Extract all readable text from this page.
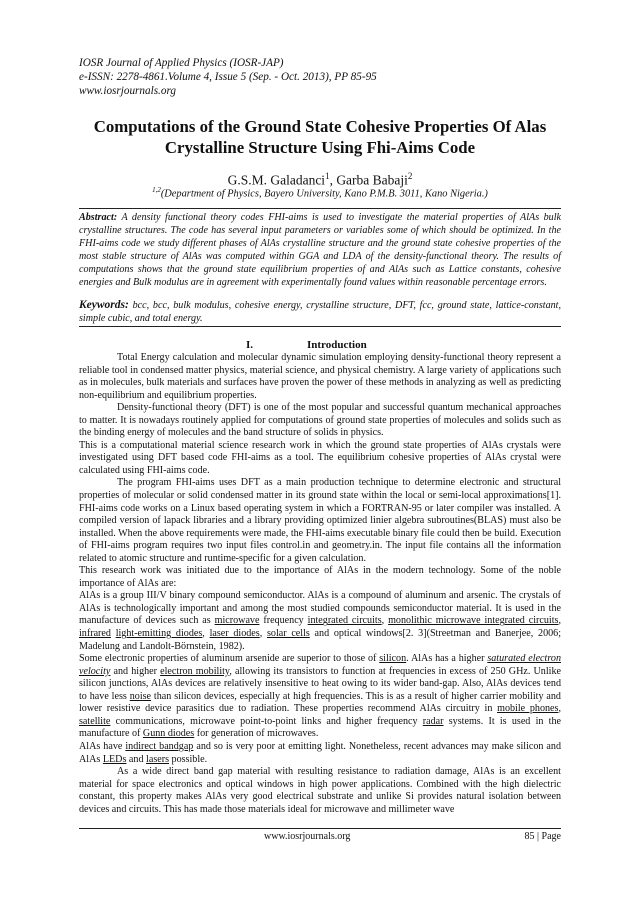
IOSR Journal of Applied Physics (IOSR-JAP)
e-ISSN: 2278-4861.Volume 4, Issue 5 (Sep. - Oct. 2013), PP 85-95
www.iosrjournals.org
Computations of the Ground State Cohesive Properties Of Alas
Crystalline Structure Using Fhi-Aims Code
G.S.M. Galadanci$^1$, Garba Babaji$^2$
$^{1,2}$(Department of Physics, Bayero University, Kano P.M.B. 3011, Kano Nigeria.)
Abstract: A density functional theory codes FHI-aims is used to investigate the material properties of AlAs bulk crystalline structures. The code has several input parameters or variables some of which should be optimized. In the FHI-aims code we study different phases of AlAs crystalline structure and the ground state cohesive properties of the most stable structure of AlAs was computed within GGA and LDA of the density-functional theory. The results of computations shows that the ground state equilibrium properties of and AlAs such as Lattice constants, cohesive energies and Bulk modulus are in agreement with experimentally found values within reasonable percentage errors.
Keywords: bcc, bcc, bulk modulus, cohesive energy, crystalline structure, DFT, fcc, ground state, lattice-constant, simple cubic, and total energy.
I.	Introduction

Total Energy calculation and molecular dynamic simulation employing density-functional theory represent a reliable tool in condensed matter physics, material science, and physical chemistry. A large variety of applications such as in molecules, bulk materials and surfaces have proven the power of these methods in analyzing as well as predicting non-equilibrium and equilibrium properties.

Density-functional theory (DFT) is one of the most popular and successful quantum mechanical approaches to matter. It is nowadays routinely applied for computations of ground state properties of molecules and solids such as the binding energy of molecules and the band structure of solids in physics.

This is a computational material science research work in which the ground state properties of AlAs crystals were investigated using DFT based code FHI-aims as a tool. The equilibrium cohesive properties of AlAs crystal were calculated using FHI-aims code.

The program FHI-aims uses DFT as a main production technique to determine electronic and structural properties of molecular or solid condensed matter in its ground state within the local or semi-local approximations[1]. FHI-aims code works on a Linux based operating system in which a FORTRAN-95 or later compiler was installed. A compiled version of lapack libraries and a library providing optimized linier algebra subroutines(BLAS) must also be installed. When the above requirements were made, the FHI-aims executable binary file could then be build. Execution of FHI-aims program requires two input files control.in and geometry.in. The input file contains all the information related to atomic structure and runtime-specific for a given calculation.

This research work was initiated due to the importance of AlAs in the modern technology. Some of the noble importance of AlAs are:

AlAs is a group III/V binary compound semiconductor. AlAs is a compound of aluminum and arsenic. The crystals of AlAs is technologically important and among the most studied compounds semiconductor material. It is used in the manufacture of devices such as microwave frequency integrated circuits, monolithic microwave integrated circuits, infrared light-emitting diodes, laser diodes, solar cells and optical windows[2. 3](Streetman and Banerjee, 2006; Madelung and Landolt-Börnstein, 1982).

Some electronic properties of aluminum arsenide are superior to those of silicon. AlAs has a higher saturated electron velocity and higher electron mobility, allowing its transistors to function at frequencies in excess of 250 GHz. Unlike silicon junctions, AlAs devices are relatively insensitive to heat owing to its wider band-gap. Also, AlAs devices tend to have less noise than silicon devices, especially at high frequencies. This is as a result of higher carrier mobility and lower resistive device parasitics due to radiation. These properties recommend AlAs circuitry in mobile phones, satellite communications, microwave point-to-point links and higher frequency radar systems. It is used in the manufacture of Gunn diodes for generation of microwaves.

AlAs have indirect bandgap and so is very poor at emitting light. Nonetheless, recent advances may make silicon and AlAs LEDs and lasers possible.

As a wide direct band gap material with resulting resistance to radiation damage, AlAs is an excellent material for space electronics and optical windows in high power applications. Combined with the high dielectric constant, this property makes AlAs very good electrical substrate and unlike Si provides natural isolation between devices and circuits. This has made those materials ideal for microwave and millimeter wave

www.iosrjournals.org	85 | Page
